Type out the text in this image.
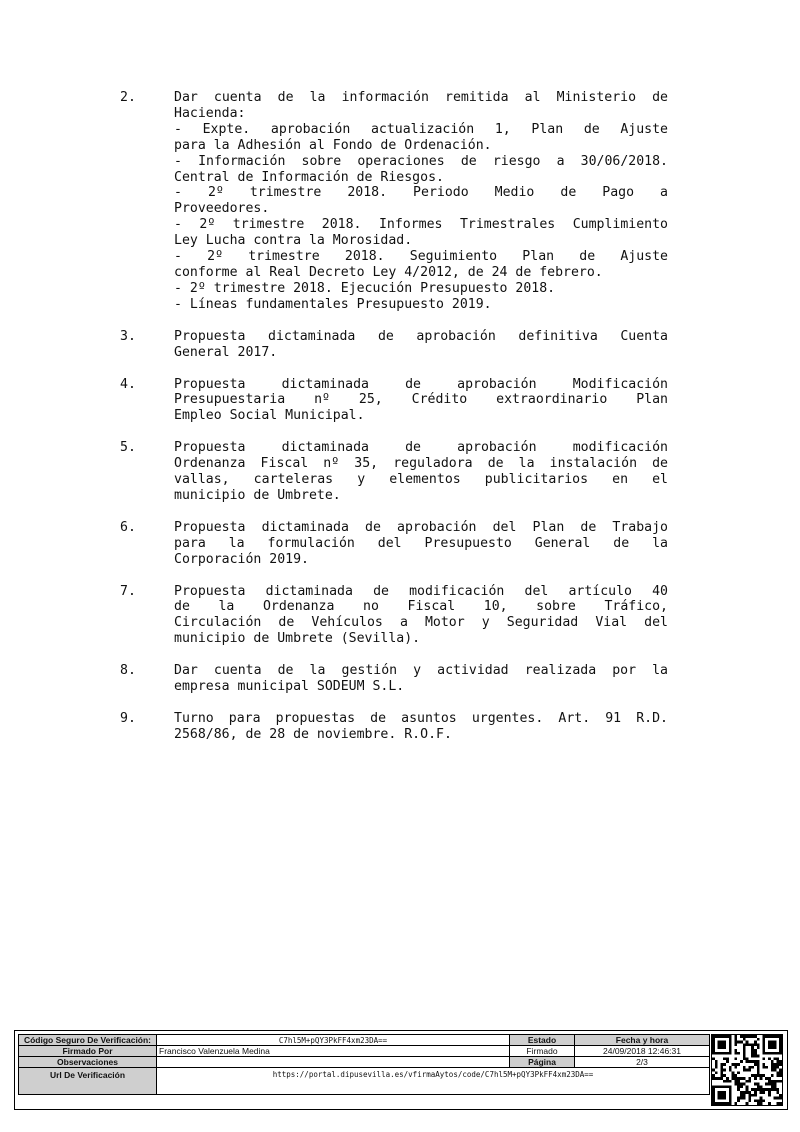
2.	Dar cuenta de la información remitida al Ministerio de
Hacienda:
- Expte. aprobación actualización 1, Plan de Ajuste
para la Adhesión al Fondo de Ordenación.
- Información sobre operaciones de riesgo a 30/06/2018.
Central de Información de Riesgos.
- 2º trimestre 2018. Periodo Medio de Pago a
Proveedores.
- 2º trimestre 2018. Informes Trimestrales Cumplimiento
Ley Lucha contra la Morosidad.
- 2º trimestre 2018. Seguimiento Plan de Ajuste
conforme al Real Decreto Ley 4/2012, de 24 de febrero.
- 2º trimestre 2018. Ejecución Presupuesto 2018.
- Líneas fundamentales Presupuesto 2019.
3.	Propuesta dictaminada de aprobación definitiva Cuenta
General 2017.
4.	Propuesta dictaminada de aprobación Modificación
Presupuestaria nº 25, Crédito extraordinario Plan
Empleo Social Municipal.
5.	Propuesta dictaminada de aprobación modificación
Ordenanza Fiscal nº 35, reguladora de la instalación de
vallas, carteleras y elementos publicitarios en el
municipio de Umbrete.
6.	Propuesta dictaminada de aprobación del Plan de Trabajo
para la formulación del Presupuesto General de la
Corporación 2019.
7.	Propuesta dictaminada de modificación del artículo 40
de la Ordenanza no Fiscal 10, sobre Tráfico,
Circulación de Vehículos a Motor y Seguridad Vial del
municipio de Umbrete (Sevilla).
8.	Dar cuenta de la gestión y actividad realizada por la
empresa municipal SODEUM S.L.
9.	Turno para propuestas de asuntos urgentes. Art. 91 R.D.
2568/86, de 28 de noviembre. R.O.F.
Código Seguro De Verificación:	C7hl5M+pQY3PkFF4xm23DA==	Estado	Fecha y hora
Firmado Por	Francisco Valenzuela Medina	Firmado	24/09/2018 12:46:31
Observaciones		Página	2/3
Url De Verificación	https://portal.dipusevilla.es/vfirmaAytos/code/C7hl5M+pQY3PkFF4xm23DA==		
